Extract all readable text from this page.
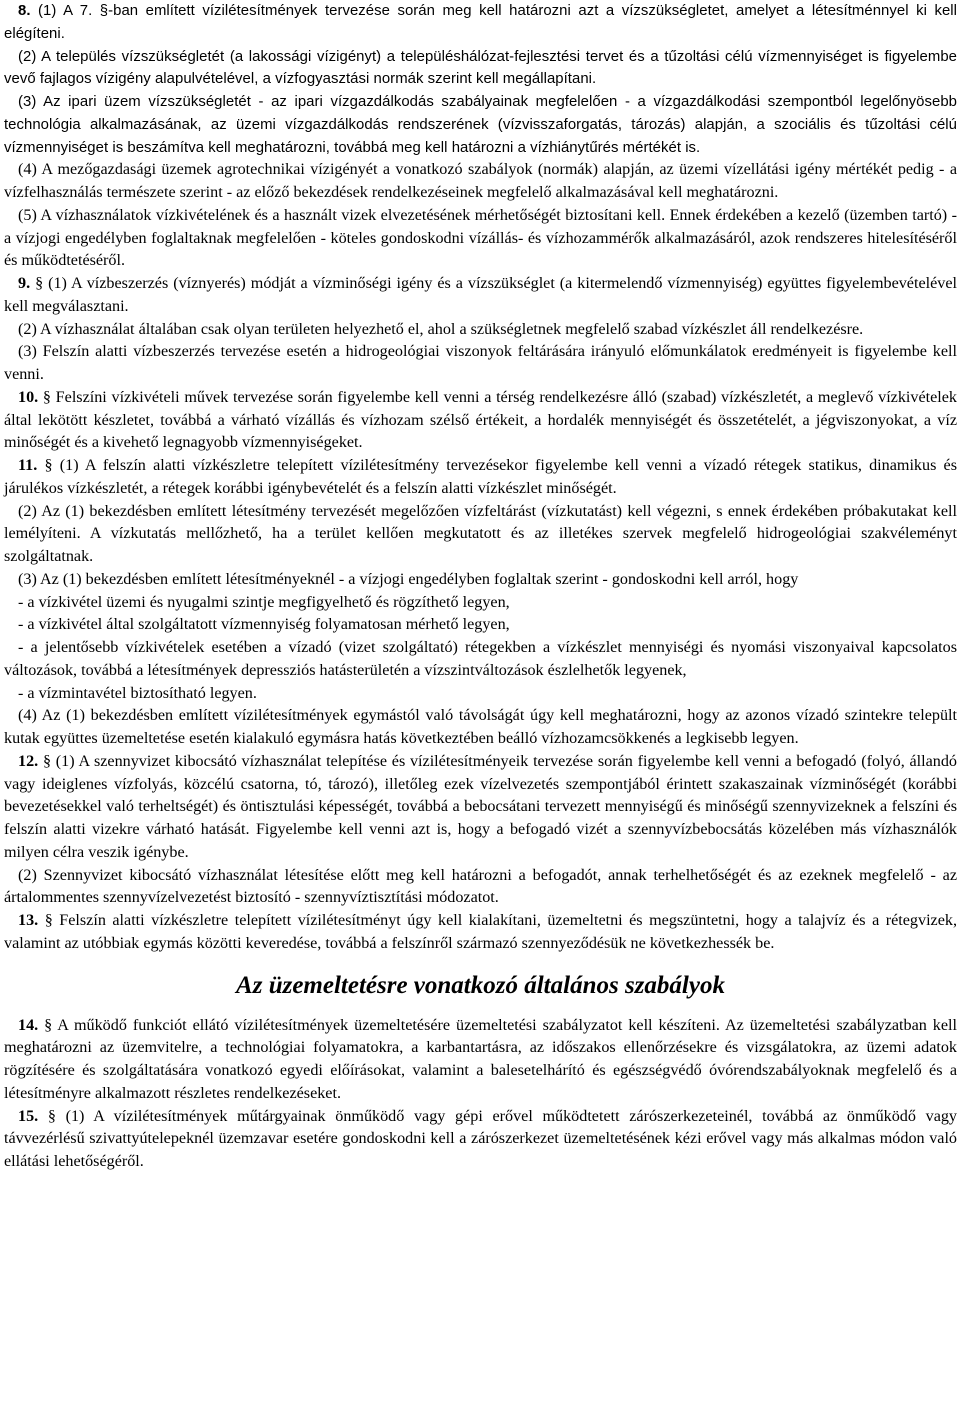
8. (1) A 7. §-ban említett vízilétesítmények tervezése során meg kell határozni azt a vízszükségletet, amelyet a létesítménnyel ki kell elégíteni.

(2) A település vízszükségletét (a lakossági vízigényt) a településhálózat-fejlesztési tervet és a tűzoltási célú vízmennyiséget is figyelembe vevő fajlagos vízigény alapulvételével, a vízfogyasztási normák szerint kell megállapítani.

(3) Az ipari üzem vízszükségletét - az ipari vízgazdálkodás szabályainak megfelelően - a vízgazdálkodási szempontból legelőnyösebb technológia alkalmazásának, az üzemi vízgazdálkodás rendszerének (vízvisszaforgatás, tározás) alapján, a szociális és tűzoltási célú vízmennyiséget is beszámítva kell meghatározni, továbbá meg kell határozni a vízhiánytűrés mértékét is.

(4) A mezőgazdasági üzemek agrotechnikai vízigényét a vonatkozó szabályok (normák) alapján, az üzemi vízellátási igény mértékét pedig - a vízfelhasználás természete szerint - az előző bekezdések rendelkezéseinek megfelelő alkalmazásával kell meghatározni.

(5) A vízhasználatok vízkivételének és a használt vizek elvezetésének mérhetőségét biztosítani kell. Ennek érdekében a kezelő (üzemben tartó) - a vízjogi engedélyben foglaltaknak megfelelően - köteles gondoskodni vízállás- és vízhozammérők alkalmazásáról, azok rendszeres hitelesítéséről és működtetéséről.

9. § (1) A vízbeszerzés (víznyerés) módját a vízminőségi igény és a vízszükséglet (a kitermelendő vízmennyiség) együttes figyelembevételével kell megválasztani.

(2) A vízhasználat általában csak olyan területen helyezhető el, ahol a szükségletnek megfelelő szabad vízkészlet áll rendelkezésre.

(3) Felszín alatti vízbeszerzés tervezése esetén a hidrogeológiai viszonyok feltárására irányuló előmunkálatok eredményeit is figyelembe kell venni.

10. § Felszíni vízkivételi művek tervezése során figyelembe kell venni a térség rendelkezésre álló (szabad) vízkészletét, a meglevő vízkivételek által lekötött készletet, továbbá a várható vízállás és vízhozam szélső értékeit, a hordalék mennyiségét és összetételét, a jégviszonyokat, a víz minőségét és a kivehető legnagyobb vízmennyiségeket.

11. § (1) A felszín alatti vízkészletre telepített vízilétesítmény tervezésekor figyelembe kell venni a vízadó rétegek statikus, dinamikus és járulékos vízkészletét, a rétegek korábbi igénybevételét és a felszín alatti vízkészlet minőségét.

(2) Az (1) bekezdésben említett létesítmény tervezését megelőzően vízfeltárást (vízkutatást) kell végezni, s ennek érdekében próbakutakat kell lemélyíteni. A vízkutatás mellőzhető, ha a terület kellően megkutatott és az illetékes szervek megfelelő hidrogeológiai szakvéleményt szolgáltatnak.

(3) Az (1) bekezdésben említett létesítményeknél - a vízjogi engedélyben foglaltak szerint - gondoskodni kell arról, hogy

- a vízkivétel üzemi és nyugalmi szintje megfigyelhető és rögzíthető legyen,

- a vízkivétel által szolgáltatott vízmennyiség folyamatosan mérhető legyen,

- a jelentősebb vízkivételek esetében a vízadó (vizet szolgáltató) rétegekben a vízkészlet mennyiségi és nyomási viszonyaival kapcsolatos változások, továbbá a létesítmények depressziós hatásterületén a vízszintváltozások észlelhetők legyenek,

- a vízmintavétel biztosítható legyen.

(4) Az (1) bekezdésben említett vízilétesítmények egymástól való távolságát úgy kell meghatározni, hogy az azonos vízadó szintekre települt kutak együttes üzemeltetése esetén kialakuló egymásra hatás következtében beálló vízhozamcsökkenés a legkisebb legyen.

12. § (1) A szennyvizet kibocsátó vízhasználat telepítése és vízilétesítményeik tervezése során figyelembe kell venni a befogadó (folyó, állandó vagy ideiglenes vízfolyás, közcélú csatorna, tó, tározó), illetőleg ezek vízelvezetés szempontjából érintett szakaszainak vízminőségét (korábbi bevezetésekkel való terheltségét) és öntisztulási képességét, továbbá a bebocsátani tervezett mennyiségű és minőségű szennyvizeknek a felszíni és felszín alatti vizekre várható hatását. Figyelembe kell venni azt is, hogy a befogadó vizét a szennyvízbebocsátás közelében más vízhasználók milyen célra veszik igénybe.

(2) Szennyvizet kibocsátó vízhasználat létesítése előtt meg kell határozni a befogadót, annak terhelhetőségét és az ezeknek megfelelő - az ártalommentes szennyvízelvezetést biztosító - szennyvíztisztítási módozatot.

13. § Felszín alatti vízkészletre telepített vízilétesítményt úgy kell kialakítani, üzemeltetni és megszüntetni, hogy a talajvíz és a rétegvizek, valamint az utóbbiak egymás közötti keveredése, továbbá a felszínről származó szennyeződésük ne következhessék be.

Az üzemeltetésre vonatkozó általános szabályok

14. § A működő funkciót ellátó vízilétesítmények üzemeltetésére üzemeltetési szabályzatot kell készíteni. Az üzemeltetési szabályzatban kell meghatározni az üzemvitelre, a technológiai folyamatokra, a karbantartásra, az időszakos ellenőrzésekre és vizsgálatokra, az üzemi adatok rögzítésére és szolgáltatására vonatkozó egyedi előírásokat, valamint a balesetelhárító és egészségvédő óvórendszabályoknak megfelelő és a létesítményre alkalmazott részletes rendelkezéseket.

15. § (1) A vízilétesítmények műtárgyainak önműködő vagy gépi erővel működtetett zárószerkezeteinél, továbbá az önműködő vagy távvezérlésű szivattyútelepeknél üzemzavar esetére gondoskodni kell a zárószerkezet üzemeltetésének kézi erővel vagy más alkalmas módon való ellátási lehetőségéről.
